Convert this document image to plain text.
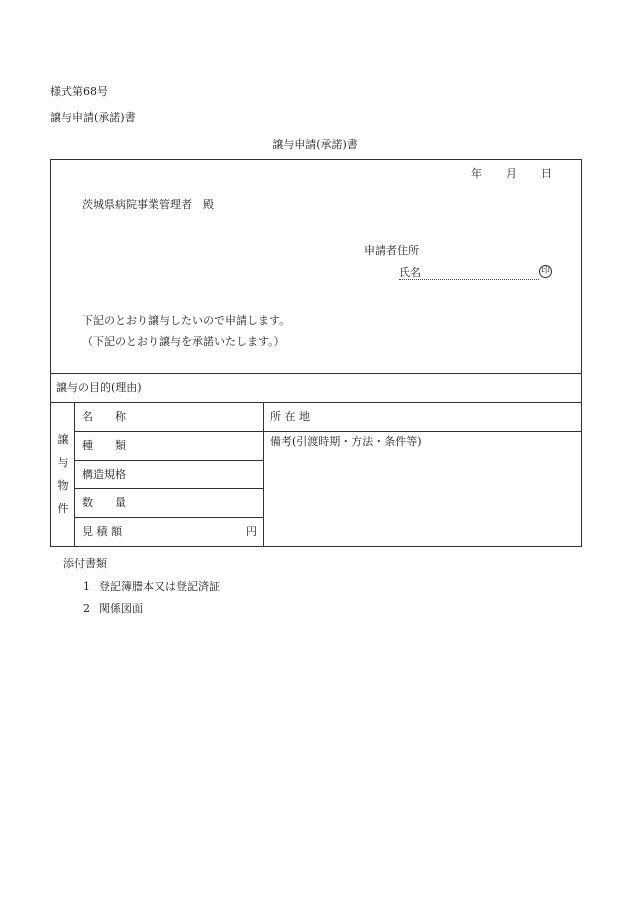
様式第68号
譲与申請(承諾)書
譲与申請(承諾)書
年 月 日
茨城県病院事業管理者　殿
申請者住所
氏名	印
下記のとおり譲与したいので申請します。
（下記のとおり譲与を承諾いたします。）
譲与の目的(理由)
譲
与
物
件
名　　称
種　　類
構造規格
数　　量
見 積 額	円
所 在 地
備考(引渡時期・方法・条件等)
添付書類
1 登記簿謄本又は登記済証
2 関係図面
